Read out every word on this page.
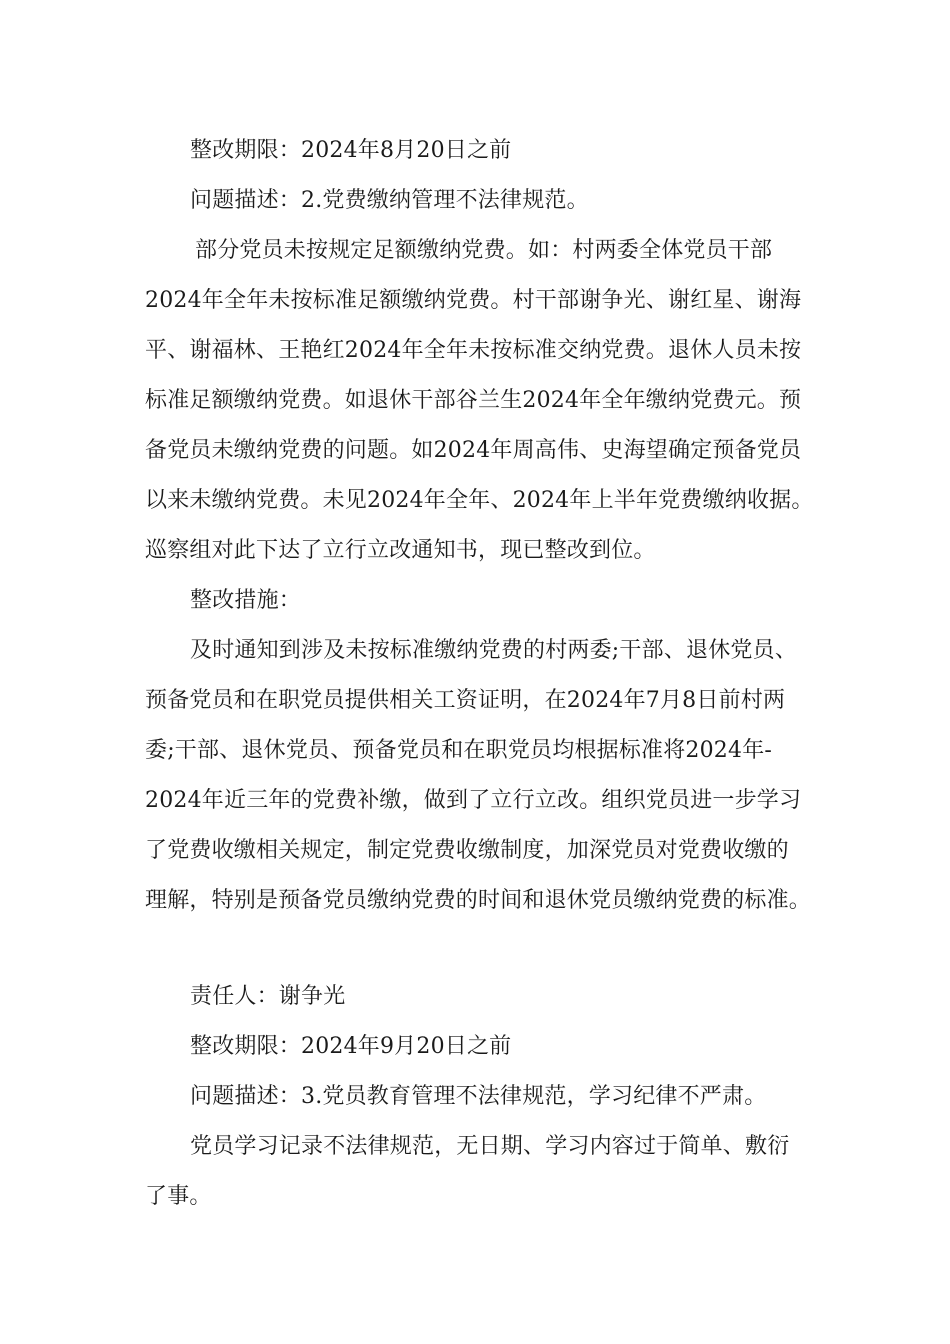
整改期限：2024年8月20日之前
问题描述：2.党费缴纳管理不法律规范。
部分党员未按规定足额缴纳党费。如：村两委全体党员干部
2024年全年未按标准足额缴纳党费。村干部谢争光、谢红星、谢海
平、谢福林、王艳红2024年全年未按标准交纳党费。退休人员未按
标准足额缴纳党费。如退休干部谷兰生2024年全年缴纳党费元。预
备党员未缴纳党费的问题。如2024年周高伟、史海望确定预备党员
以来未缴纳党费。未见2024年全年、2024年上半年党费缴纳收据。
巡察组对此下达了立行立改通知书，现已整改到位。
整改措施：
及时通知到涉及未按标准缴纳党费的村两委;干部、退休党员、
预备党员和在职党员提供相关工资证明，在2024年7月8日前村两
委;干部、退休党员、预备党员和在职党员均根据标准将2024年-
2024年近三年的党费补缴，做到了立行立改。组织党员进一步学习
了党费收缴相关规定，制定党费收缴制度，加深党员对党费收缴的
理解，特别是预备党员缴纳党费的时间和退休党员缴纳党费的标准。
责任人：谢争光
整改期限：2024年9月20日之前
问题描述：3.党员教育管理不法律规范，学习纪律不严肃。
党员学习记录不法律规范，无日期、学习内容过于简单、敷衍
了事。
